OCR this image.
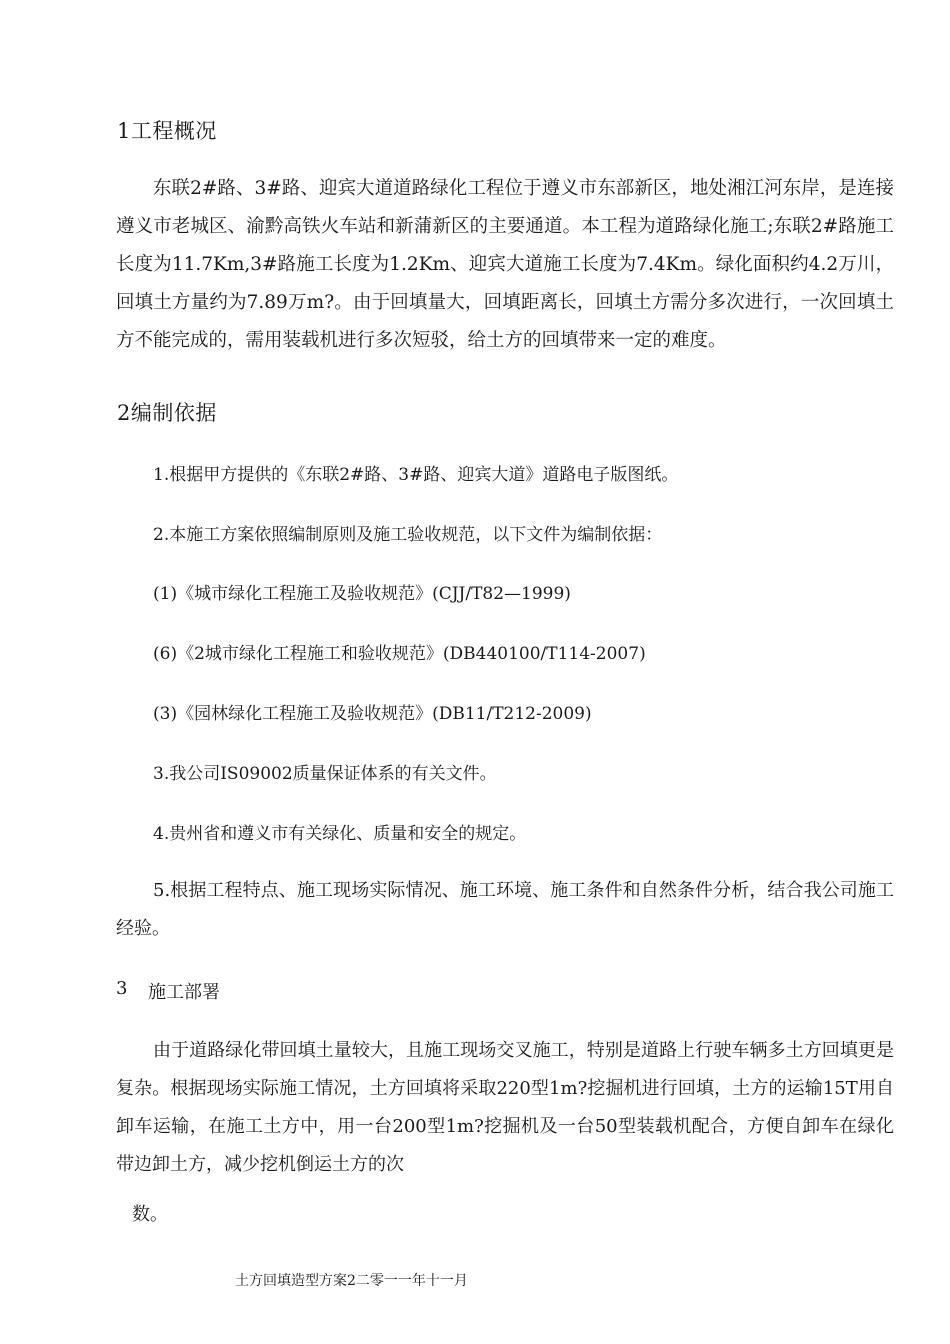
1工程概况
东联2#路、3#路、迎宾大道道路绿化工程位于遵义市东部新区，地处湘江河东岸，是连接遵义市老城区、渝黔高铁火车站和新蒲新区的主要通道。本工程为道路绿化施工;东联2#路施工长度为11.7Km,3#路施工长度为1.2Km、迎宾大道施工长度为7.4Km。绿化面积约4.2万川，回填土方量约为7.89万m?。由于回填量大，回填距离长，回填土方需分多次进行，一次回填土方不能完成的，需用装载机进行多次短驳，给土方的回填带来一定的难度。
2编制依据
1.根据甲方提供的《东联2#路、3#路、迎宾大道》道路电子版图纸。
2.本施工方案依照编制原则及施工验收规范，以下文件为编制依据：
(1)《城市绿化工程施工及验收规范》(CJJ/T82—1999)
(6)《2城市绿化工程施工和验收规范》(DB440100/T114-2007)
(3)《园林绿化工程施工及验收规范》(DB11/T212-2009)
3.我公司IS09002质量保证体系的有关文件。
4.贵州省和遵义市有关绿化、质量和安全的规定。
5.根据工程特点、施工现场实际情况、施工环境、施工条件和自然条件分析，结合我公司施工经验。
3 施工部署
由于道路绿化带回填土量较大，且施工现场交叉施工，特别是道路上行驶车辆多土方回填更是复杂。根据现场实际施工情况，土方回填将采取220型1m?挖掘机进行回填，土方的运输15T用自卸车运输，在施工土方中，用一台200型1m?挖掘机及一台50型装载机配合，方便自卸车在绿化带边卸土方，减少挖机倒运土方的次
数。
土方回填造型方案2二零一一年十一月
